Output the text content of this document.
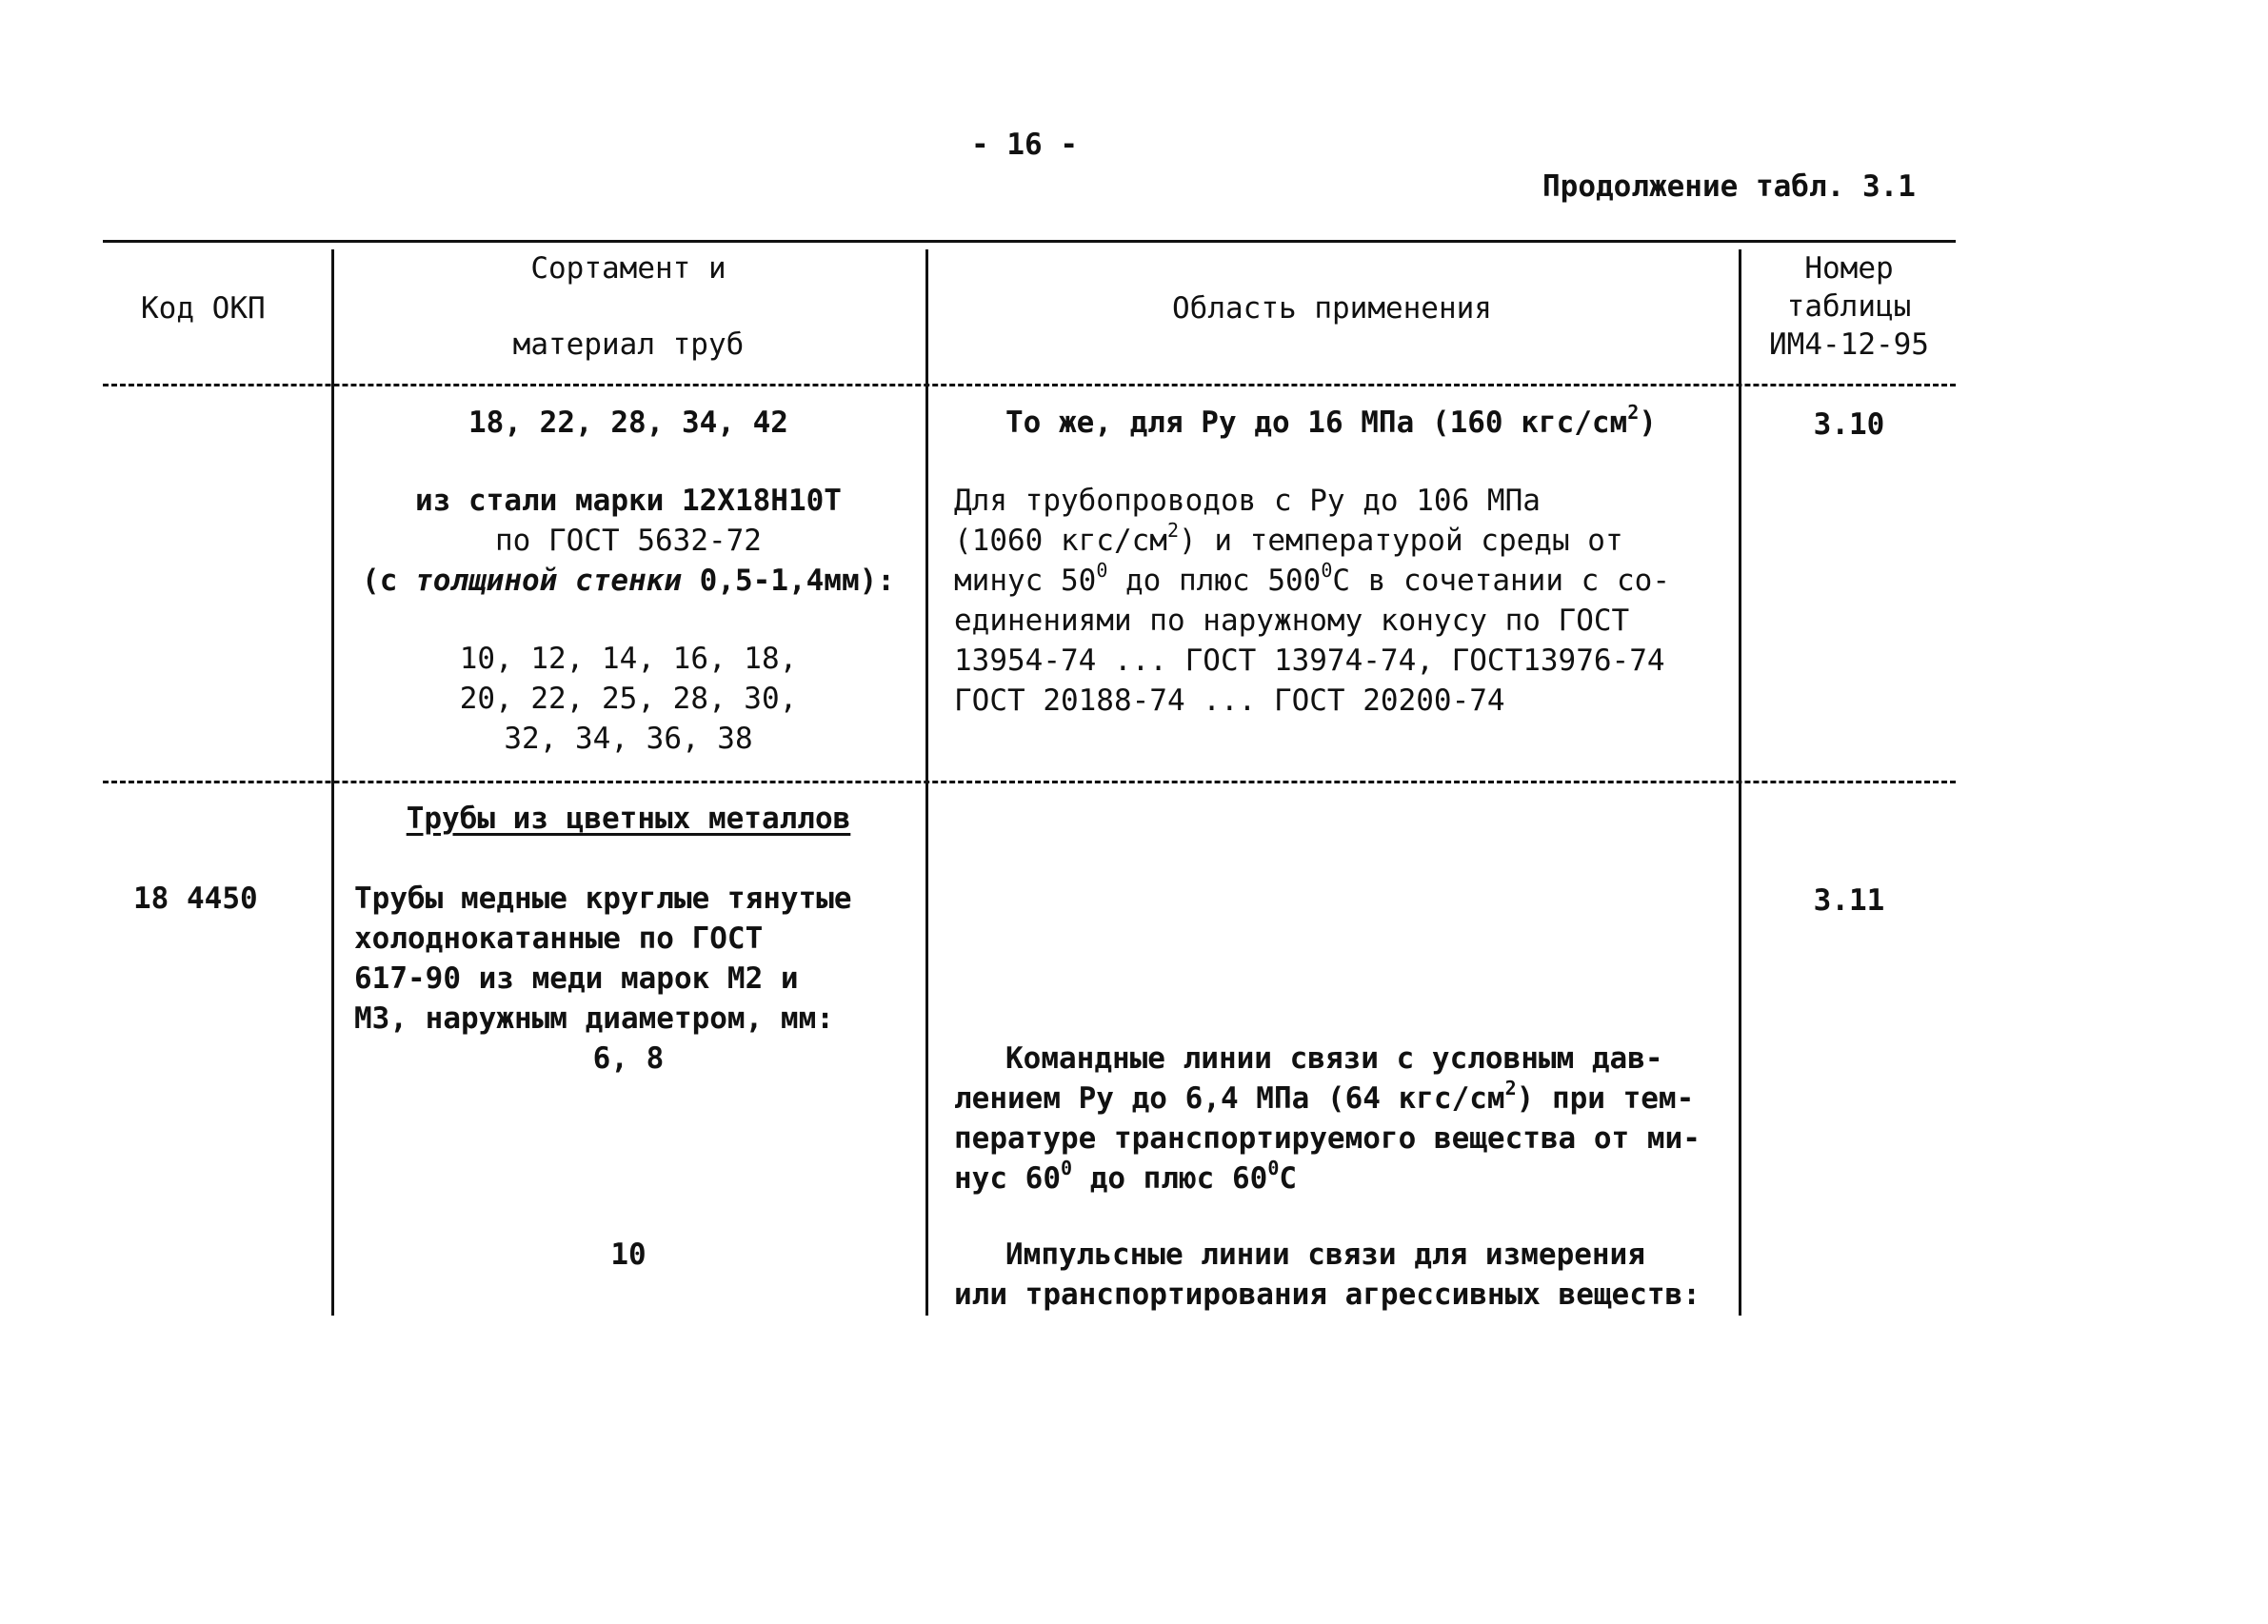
- 16 -
Продолжение табл. 3.1
Код ОКП
Сортамент и
материал труб
Область применения
Номер
таблицы
ИМ4-12-95
18, 22, 28, 34, 42
из стали марки 12Х18Н10Т
по ГОСТ 5632-72
(с толщиной стенки 0,5-1,4мм):
10, 12, 14, 16, 18,
20, 22, 25, 28, 30,
32, 34, 36, 38
То же, для Ру до 16 МПа (160 кгс/$см^2$)
Для трубопроводов с Ру до 106 МПа
(1060 кгс/$см^2$) и температурой среды от
минус $50^0$ до плюс $500^0С$ в сочетании с со-
единениями по наружному конусу по ГОСТ
13954-74 ... ГОСТ 13974-74, ГОСТ13976-74
ГОСТ 20188-74 ... ГОСТ 20200-74
3.10
18 4450
Трубы из цветных металлов
Трубы медные круглые тянутые
холоднокатанные по ГОСТ
617-90 из меди марок М2 и
М3, наружным диаметром, мм:
6, 8
10
Командные линии связи с условным дав-
лением Ру до 6,4 МПа (64 кгс/$см^2$) при тем-
пературе транспортируемого вещества от ми-
нус $60^0$ до плюс $60^0С$
Импульсные линии связи для измерения
или транспортирования агрессивных веществ:
3.11
